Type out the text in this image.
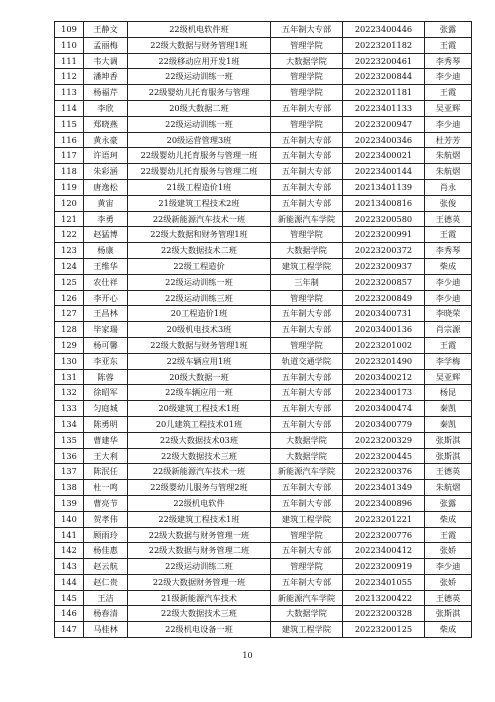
109	王静文	22级机电软件班	五年制大专部	20223400446	张露
110	孟丽梅	22级大数据与财务管理1班	管理学院	20223201182	王霞
111	韦大调	22级移动应用开发1班	大数据学院	20223200461	李秀琴
112	潘坤香	22级运动训练一班	管理学院	20223200844	李少迪
113	杨福芹	22级婴幼儿托育服务与管理	管理学院	20223201181	王霞
114	李欣	20级大数据二班	五年制大专部	20223401133	吴亚辉
115	郑晓燕	22级运动训练一班	管理学院	20223200947	李少迪
116	黄永豪	20级运营管理3班	五年制大专部	20223400346	杜芳芳
117	许语珂	22级婴幼儿托育服务与管理一班	五年制大专部	20223400021	朱航熠
118	朱彩涵	22级婴幼儿托育服务与管理二班	五年制大专部	20223400144	朱航熠
119	唐逸松	21级工程造价1班	五年制大专部	20213401139	肖永
120	黄宙	21级建筑工程技术2班	五年制大专部	20213400816	张俊
121	李勇	22级新能源汽车技术一班	新能源汽车学院	20223200580	王德英
122	赵猛博	22级大数据和财务管理1班	管理学院	20223200991	王霞
123	杨康	22级大数据技术二班	大数据学院	20223200372	李秀琴
124	王维华	22级工程造价	建筑工程学院	20223200937	柴成
125	农仕祥	22级运动训练一班	三年制	20223200857	李少迪
126	李开心	22级运动训练三班	管理学院	20223200849	李少迪
127	王昌林	20工程造价1班	五年制大专部	20203400731	李晓荣
128	毕家瑞	20级机电技术3班	五年制大专部	20203400136	肖宗源
129	杨可馨	22级大数据与财务管理1班	管理学院	20223201002	王霞
130	李亚东	22级车辆应用1班	轨道交通学院	20223201490	李学梅
131	陈蓉	20级大数据一班	五年制大专部	20203400212	吴亚辉
132	徐昭军	22级车辆应用一班	五年制大专部	20223400173	杨昆
133	匀庭城	20级建筑工程技术1班	五年制大专部	20203400474	秦凯
134	陈勇明	20儿建筑工程技术01班	五年制大专部	20203400779	秦凯
135	曹建华	22级大数据技术03班	大数据学院	20223200329	张斯淇
136	王大利	22级大数据技术三班	大数据学院	20223200445	张斯淇
137	陈泯任	22级新能源汽车技术一班	新能源汽车学院	20223200376	王德英
138	杜一鸣	22级婴幼儿服务与管理2班	五年制大专部	20223401349	朱航熠
139	曹亮节	22级机电软件	五年制大专部	20223400896	张露
140	贺孝伟	22级建筑工程技术1班	建筑工程学院	20223201221	柴成
141	顾雨玲	22级大数据与财务管理一班	管理学院	20223200776	王霞
142	杨佳惠	22级大数据与财务管理二班	五年制大专部	20223400412	张娇
143	赵云航	22级运动训练二班	管理学院	20223200919	李少迪
144	赵仁贵	22级大数据财务管理一班	五年制大专部	20223401055	张娇
145	王洁	21级新能源汽车技术	新能源汽车学院	20213200422	王德英
146	杨春清	22级大数据技术三班	大数据学院	20223200328	张斯淇
147	马桂林	22级机电设备一班	建筑工程学院	20223200125	柴成
10
